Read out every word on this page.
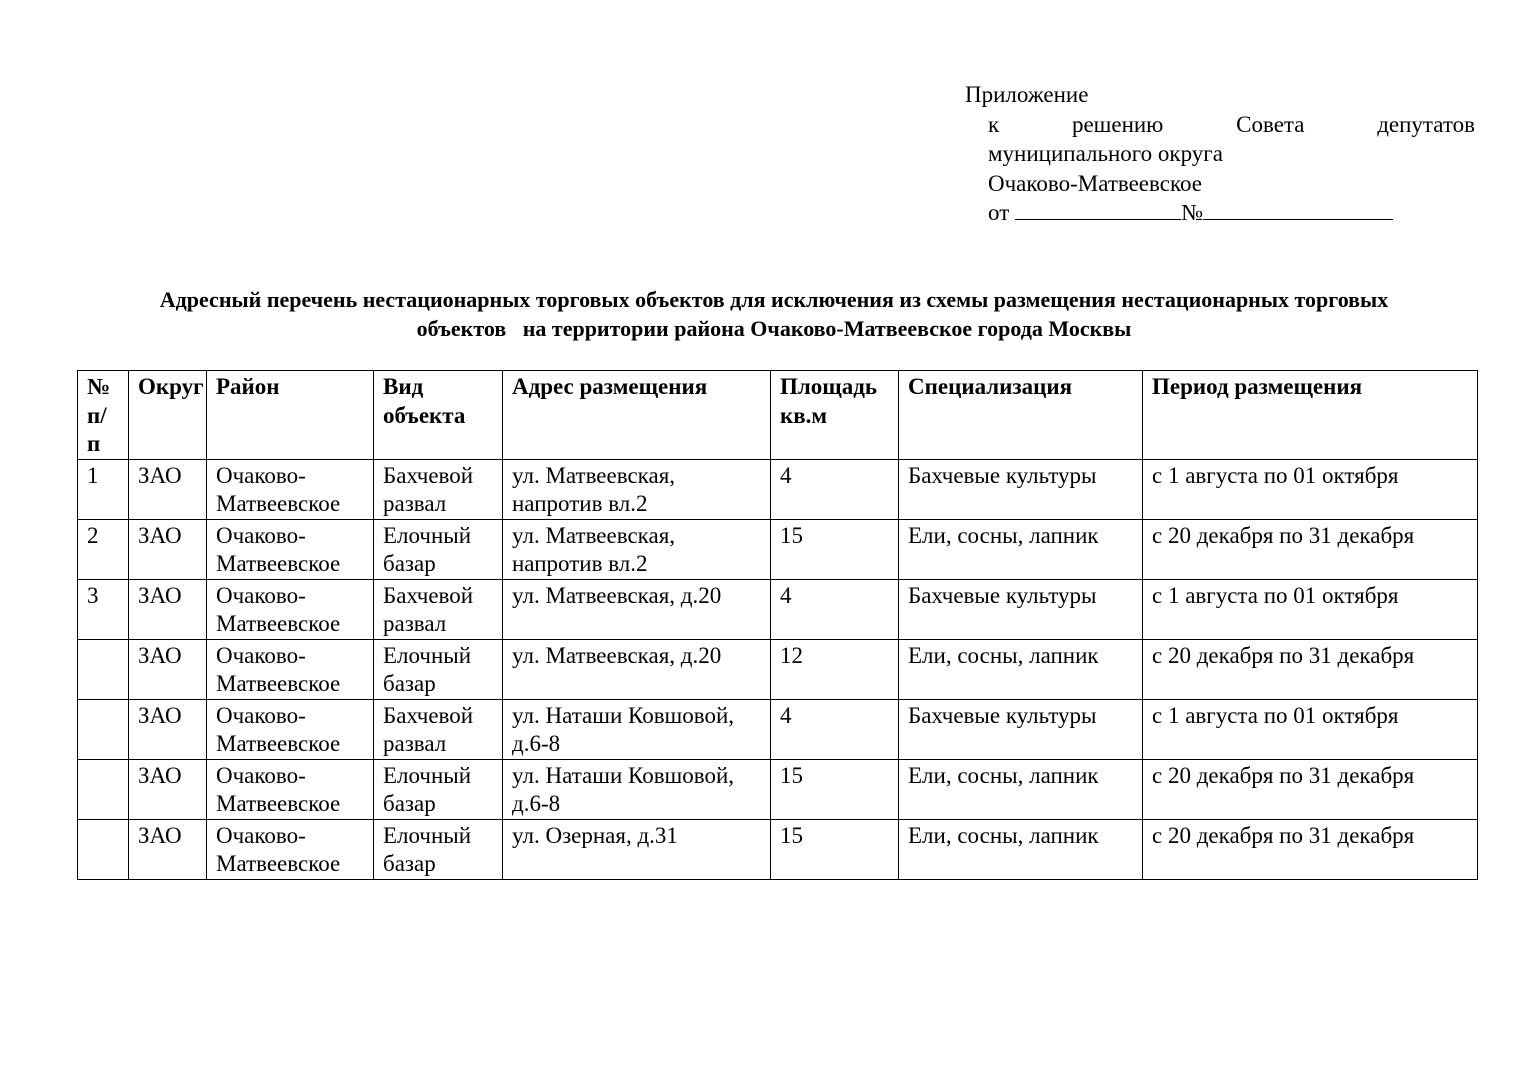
Приложение
к	решению	Совета	депутатов
муниципального округа
Очаково-Матвеевское
от	№
Адресный перечень нестационарных торговых объектов для исключения из схемы размещения нестационарных торговых
объектов   на территории района Очаково-Матвеевское города Москвы
№ п/п	Округ	Район	Вид объекта	Адрес размещения	Площадь кв.м	Специализация	Период размещения
1	ЗАО	Очаково-Матвеевское	Бахчевой развал	ул. Матвеевская, напротив вл.2	4	Бахчевые культуры	с 1 августа по 01 октября
2	ЗАО	Очаково-Матвеевское	Елочный базар	ул. Матвеевская, напротив вл.2	15	Ели, сосны, лапник	с 20 декабря по 31 декабря
3	ЗАО	Очаково-Матвеевское	Бахчевой развал	ул. Матвеевская, д.20	4	Бахчевые культуры	с 1 августа по 01 октября
	ЗАО	Очаково-Матвеевское	Елочный базар	ул. Матвеевская, д.20	12	Ели, сосны, лапник	с 20 декабря по 31 декабря
	ЗАО	Очаково-Матвеевское	Бахчевой развал	ул. Наташи Ковшовой, д.6-8	4	Бахчевые культуры	с 1 августа по 01 октября
	ЗАО	Очаково-Матвеевское	Елочный базар	ул. Наташи Ковшовой, д.6-8	15	Ели, сосны, лапник	с 20 декабря по 31 декабря
	ЗАО	Очаково-Матвеевское	Елочный базар	ул. Озерная, д.31	15	Ели, сосны, лапник	с 20 декабря по 31 декабря
